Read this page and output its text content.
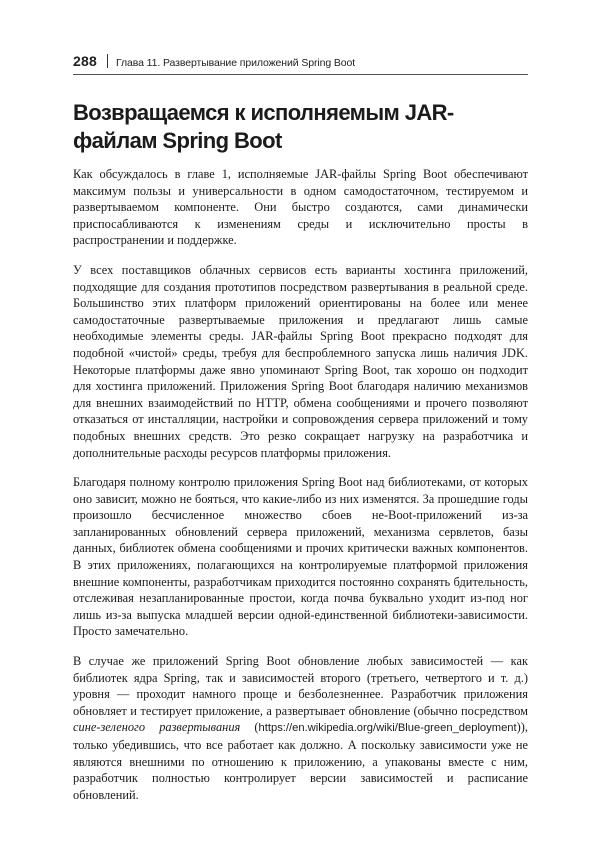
288 Глава 11. Развертывание приложений Spring Boot
Возвращаемся к исполняемым JAR-файлам Spring Boot

Как обсуждалось в главе 1, исполняемые JAR-файлы Spring Boot обеспечивают максимум пользы и универсальности в одном самодостаточном, тестируемом и развертываемом компоненте. Они быстро создаются, сами динамически приспосабливаются к изменениям среды и исключительно просты в распространении и поддержке.

У всех поставщиков облачных сервисов есть варианты хостинга приложений, подходящие для создания прототипов посредством развертывания в реальной среде. Большинство этих платформ приложений ориентированы на более или менее самодостаточные развертываемые приложения и предлагают лишь самые необходимые элементы среды. JAR-файлы Spring Boot прекрасно подходят для подобной «чистой» среды, требуя для беспроблемного запуска лишь наличия JDK. Некоторые платформы даже явно упоминают Spring Boot, так хорошо он подходит для хостинга приложений. Приложения Spring Boot благодаря наличию механизмов для внешних взаимодействий по HTTP, обмена сообщениями и прочего позволяют отказаться от инсталляции, настройки и сопровождения сервера приложений и тому подобных внешних средств. Это резко сокращает нагрузку на разработчика и дополнительные расходы ресурсов платформы приложения.

Благодаря полному контролю приложения Spring Boot над библиотеками, от которых оно зависит, можно не бояться, что какие-либо из них изменятся. За прошедшие годы произошло бесчисленное множество сбоев не-Boot-приложений из-за запланированных обновлений сервера приложений, механизма сервлетов, базы данных, библиотек обмена сообщениями и прочих критически важных компонентов. В этих приложениях, полагающихся на контролируемые платформой приложения внешние компоненты, разработчикам приходится постоянно сохранять бдительность, отслеживая незапланированные простои, когда почва буквально уходит из-под ног лишь из-за выпуска младшей версии одной-единственной библиотеки-зависимости. Просто замечательно.

В случае же приложений Spring Boot обновление любых зависимостей — как библиотек ядра Spring, так и зависимостей второго (третьего, четвертого и т. д.) уровня — проходит намного проще и безболезненнее. Разработчик приложения обновляет и тестирует приложение, а развертывает обновление (обычно посредством сине-зеленого развертывания (https://en.wikipedia.org/wiki/Blue-green_deployment)), только убедившись, что все работает как должно. А поскольку зависимости уже не являются внешними по отношению к приложению, а упакованы вместе с ним, разработчик полностью контролирует версии зависимостей и расписание обновлений.
